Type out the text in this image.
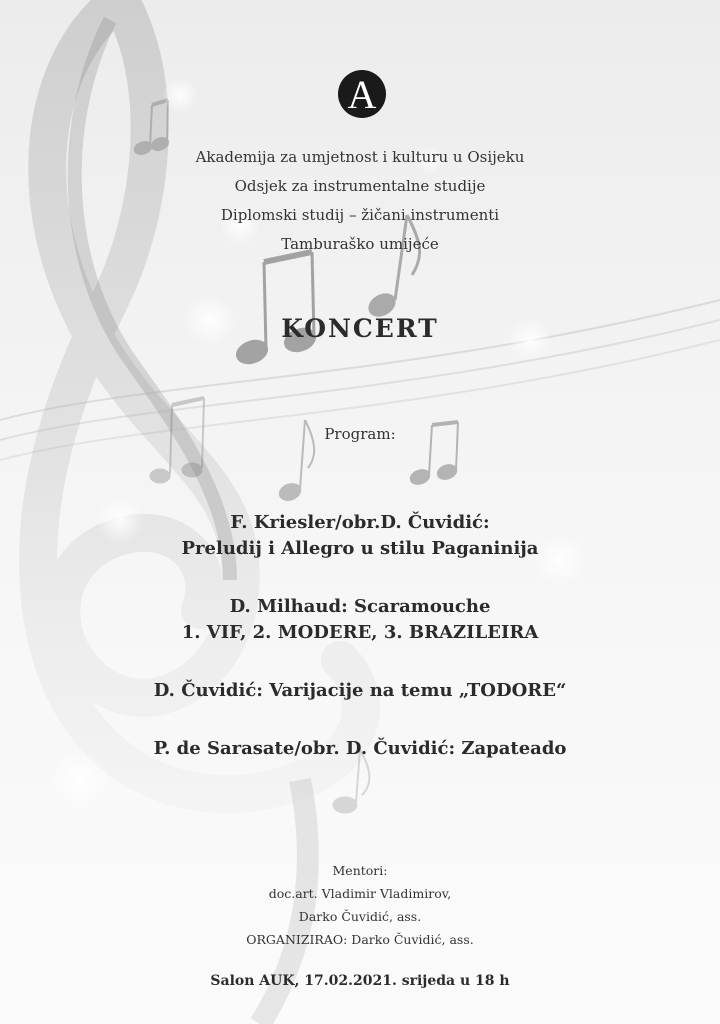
A
Akademija za umjetnost i kulturu u Osijeku
Odsjek za instrumentalne studije
Diplomski studij – žičani instrumenti
Tamburaško umijeće
KONCERT
Program:
F. Kriesler/obr.D. Čuvidić:
Preludij i Allegro u stilu Paganinija
D. Milhaud: Scaramouche
1. VIF, 2. MODERE, 3. BRAZILEIRA
D. Čuvidić: Varijacije na temu „TODORE“
P. de Sarasate/obr. D. Čuvidić: Zapateado
Mentori:
doc.art. Vladimir Vladimirov,
Darko Čuvidić, ass.
ORGANIZIRAO: Darko Čuvidić, ass.
Salon AUK, 17.02.2021. srijeda u 18 h
